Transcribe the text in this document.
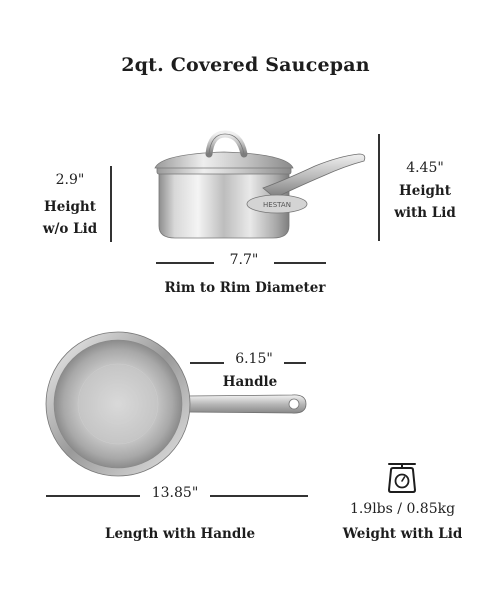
2qt. Covered Saucepan
2.9"
Height
w/o Lid
4.45"
Height
with Lid
HESTAN
7.7"
Rim to Rim Diameter
6.15"
Handle
13.85"
Length with Handle
1.9lbs / 0.85kg
Weight with Lid
